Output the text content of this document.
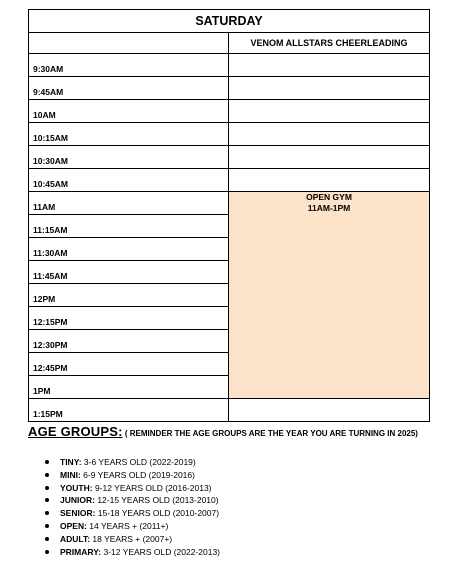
SATURDAY	
	VENOM ALLSTARS CHEERLEADING
9:30AM	
9:45AM	
10AM	
10:15AM	
10:30AM	
10:45AM	
11AM	OPEN GYM
11AM-1PM

11:15AM	
11:30AM	
11:45AM	
12PM	
12:15PM	
12:30PM	
12:45PM	
1PM	
1:15PM	
AGE GROUPS: ( REMINDER THE AGE GROUPS ARE THE YEAR YOU ARE TURNING IN 2025)
TINY: 3-6 YEARS OLD (2022-2019)
MINI: 6-9 YEARS OLD (2019-2016)
YOUTH: 9-12 YEARS OLD (2016-2013)
JUNIOR: 12-15 YEARS OLD (2013-2010)
SENIOR: 15-18 YEARS OLD (2010-2007)
OPEN: 14 YEARS + (2011+)
ADULT: 18 YEARS + (2007+)
PRIMARY: 3-12 YEARS OLD (2022-2013)
